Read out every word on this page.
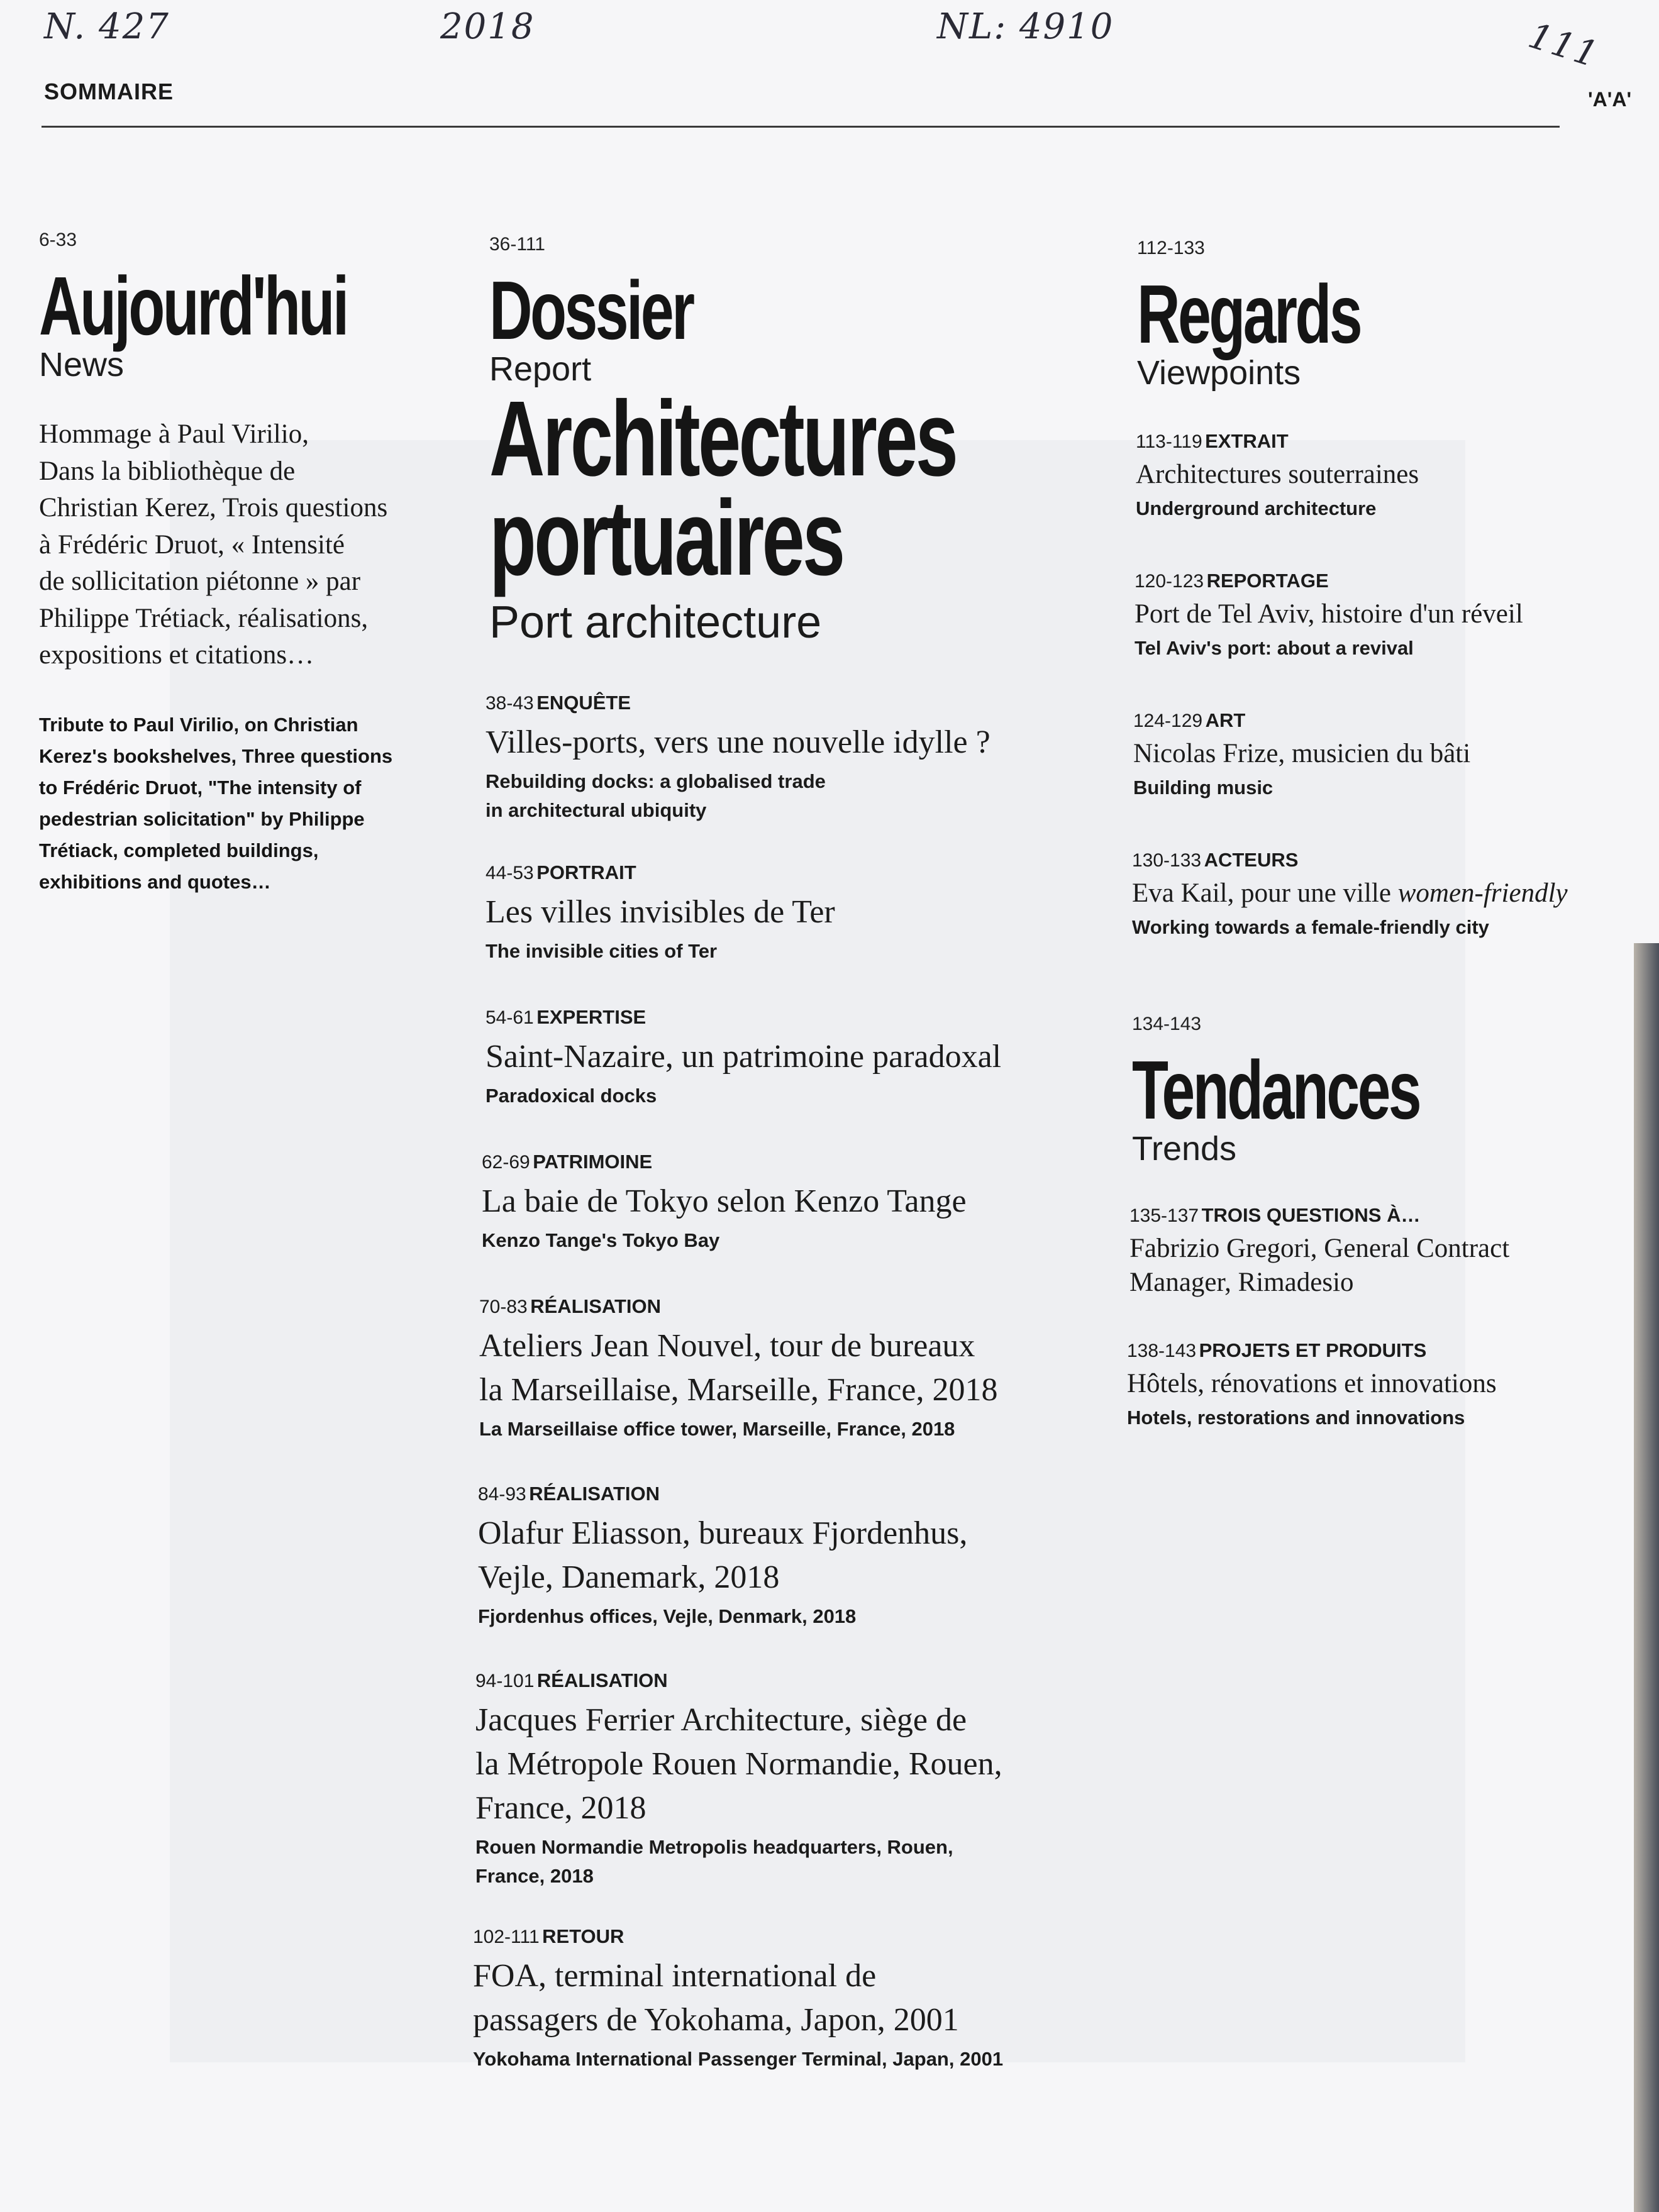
N. 427	2018	NL: 4910	111
SOMMAIRE	'A'A'
6-33
Aujourd'hui
News
Hommage à Paul Virilio,
Dans la bibliothèque de
Christian Kerez, Trois questions
à Frédéric Druot, « Intensité
de sollicitation piétonne » par
Philippe Trétiack, réalisations,
expositions et citations…
Tribute to Paul Virilio, on Christian
Kerez's bookshelves, Three questions
to Frédéric Druot, "The intensity of
pedestrian solicitation" by Philippe
Trétiack, completed buildings,
exhibitions and quotes…
36-111
Dossier
Report
Architectures
portuaires
Port architecture
38-43 ENQUÊTE
Villes-ports, vers une nouvelle idylle ?
Rebuilding docks: a globalised trade
in architectural ubiquity
44-53 PORTRAIT
Les villes invisibles de Ter
The invisible cities of Ter
54-61 EXPERTISE
Saint-Nazaire, un patrimoine paradoxal
Paradoxical docks
62-69 PATRIMOINE
La baie de Tokyo selon Kenzo Tange
Kenzo Tange's Tokyo Bay
70-83 RÉALISATION
Ateliers Jean Nouvel, tour de bureaux
la Marseillaise, Marseille, France, 2018
La Marseillaise office tower, Marseille, France, 2018
84-93 RÉALISATION
Olafur Eliasson, bureaux Fjordenhus,
Vejle, Danemark, 2018
Fjordenhus offices, Vejle, Denmark, 2018
94-101 RÉALISATION
Jacques Ferrier Architecture, siège de
la Métropole Rouen Normandie, Rouen,
France, 2018
Rouen Normandie Metropolis headquarters, Rouen,
France, 2018
102-111 RETOUR
FOA, terminal international de
passagers de Yokohama, Japon, 2001
Yokohama International Passenger Terminal, Japan, 2001
112-133
Regards
Viewpoints
113-119 EXTRAIT
Architectures souterraines
Underground architecture
120-123 REPORTAGE
Port de Tel Aviv, histoire d'un réveil
Tel Aviv's port: about a revival
124-129 ART
Nicolas Frize, musicien du bâti
Building music
130-133 ACTEURS
Eva Kail, pour une ville women-friendly
Working towards a female-friendly city
134-143
Tendances
Trends
135-137 TROIS QUESTIONS À…
Fabrizio Gregori, General Contract
Manager, Rimadesio
138-143 PROJETS ET PRODUITS
Hôtels, rénovations et innovations
Hotels, restorations and innovations
